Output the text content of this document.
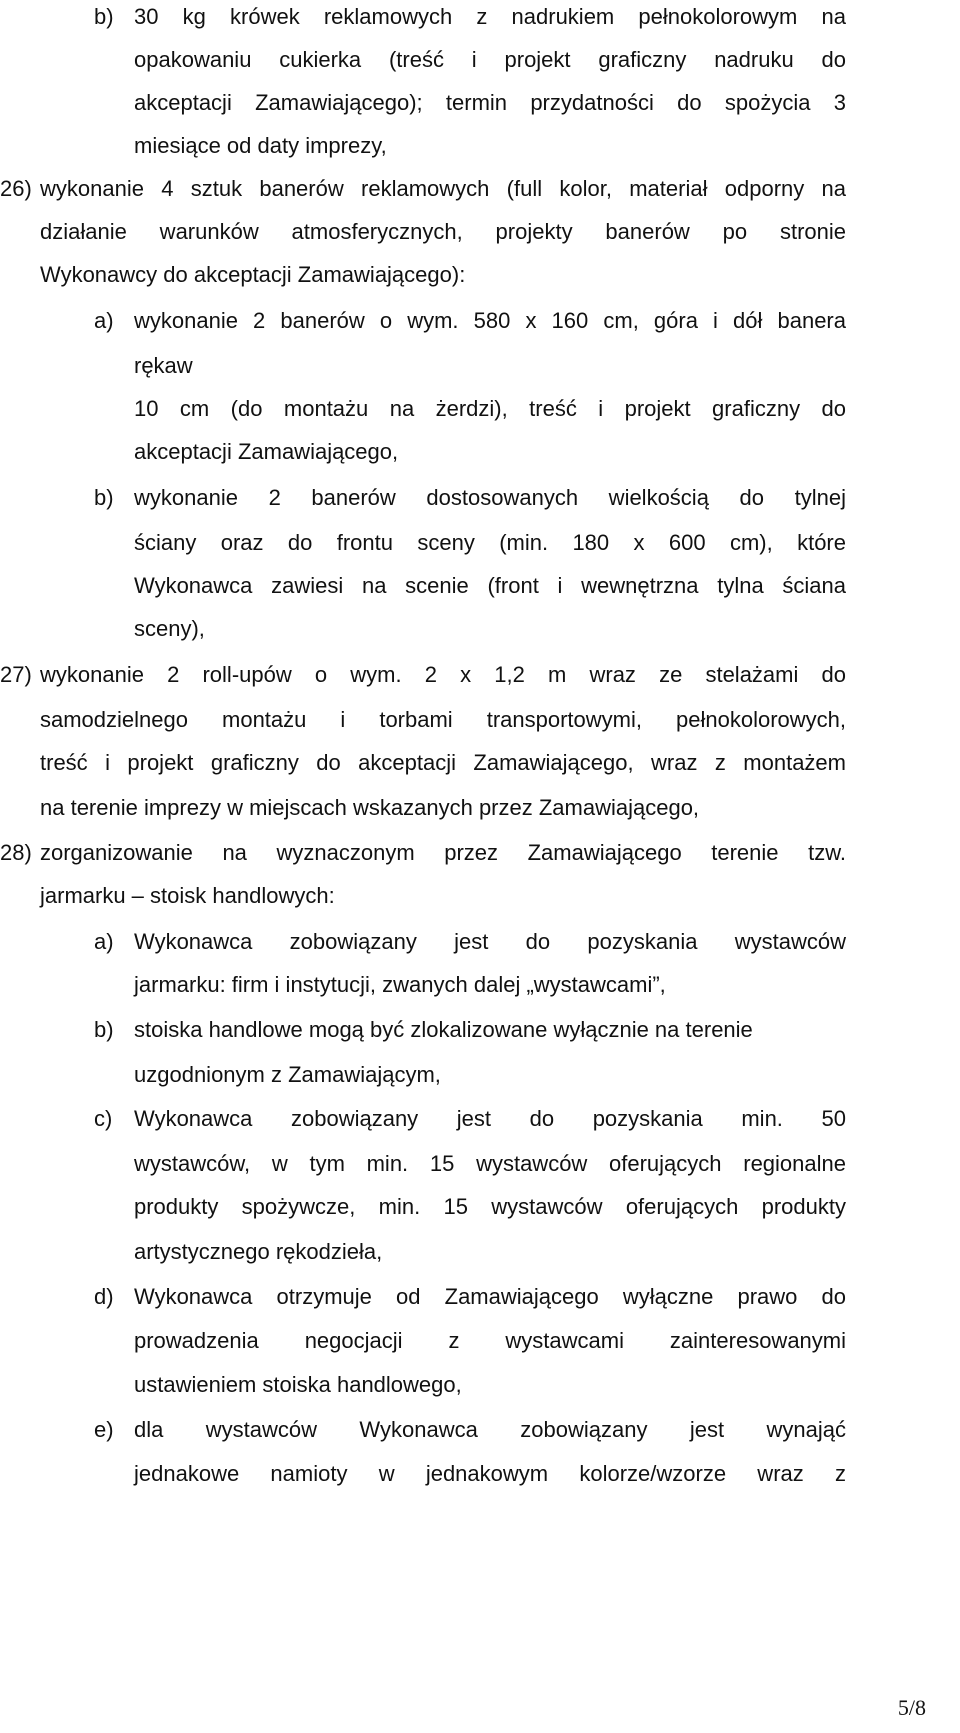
b) 30 kg krówek reklamowych z nadrukiem pełnokolorowym na
opakowaniu cukierka (treść i projekt graficzny nadruku do
akceptacji Zamawiającego); termin przydatności do spożycia 3
miesiące od daty imprezy,
26) wykonanie 4 sztuk banerów reklamowych (full kolor, materiał odporny na
działanie warunków atmosferycznych, projekty banerów po stronie
Wykonawcy do akceptacji Zamawiającego):
a) wykonanie 2 banerów o wym. 580 x 160 cm, góra i dół banera
rękaw
10 cm (do montażu na żerdzi), treść i projekt graficzny do
akceptacji Zamawiającego,
b) wykonanie 2 banerów dostosowanych wielkością do tylnej
ściany oraz do frontu sceny (min. 180 x 600 cm), które
Wykonawca zawiesi na scenie (front i wewnętrzna tylna ściana
sceny),
27) wykonanie 2 roll-upów o wym. 2 x 1,2 m wraz ze stelażami do
samodzielnego montażu i torbami transportowymi, pełnokolorowych,
treść i projekt graficzny do akceptacji Zamawiającego, wraz z montażem
na terenie imprezy w miejscach wskazanych przez Zamawiającego,
28) zorganizowanie na wyznaczonym przez Zamawiającego terenie tzw.
jarmarku – stoisk handlowych:
a) Wykonawca zobowiązany jest do pozyskania wystawców
jarmarku: firm i instytucji, zwanych dalej „wystawcami”,
b) stoiska handlowe mogą być zlokalizowane wyłącznie na terenie
uzgodnionym z Zamawiającym,
c) Wykonawca zobowiązany jest do pozyskania min. 50
wystawców, w tym min. 15 wystawców oferujących regionalne
produkty spożywcze, min. 15 wystawców oferujących produkty
artystycznego rękodzieła,
d) Wykonawca otrzymuje od Zamawiającego wyłączne prawo do
prowadzenia negocjacji z wystawcami zainteresowanymi
ustawieniem stoiska handlowego,
e) dla wystawców Wykonawca zobowiązany jest wynająć
jednakowe namioty w jednakowym kolorze/wzorze wraz z
5/8
